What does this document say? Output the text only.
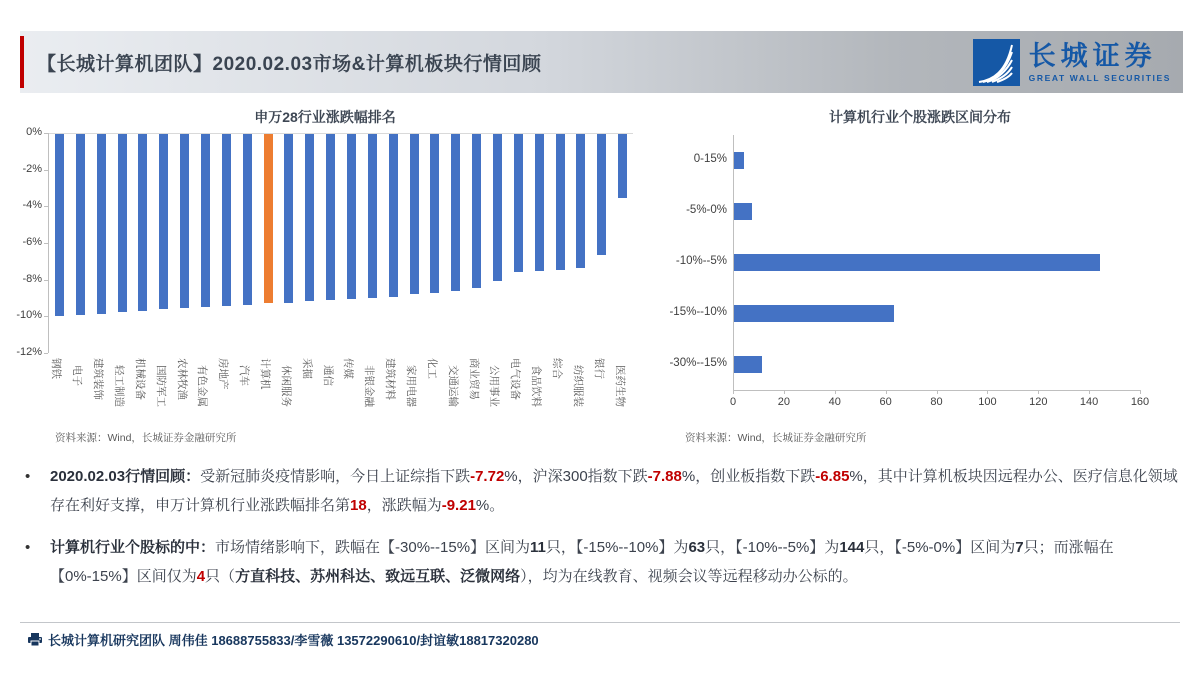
【长城计算机团队】2020.02.03市场&计算机板块行情回顾	长城证券
GREAT WALL SECURITIES
申万28行业涨跌幅排名
钢铁 电子 建筑装饰 轻工制造 机械设备 国防军工 农林牧渔 有色金属 房地产 汽车 计算机 休闲服务 采掘 通信 传媒 非银金融 建筑材料 家用电器 化工 交通运输 商业贸易 公用事业 电气设备 食品饮料 综合 纺织服装 银行 医药生物
0%
-2%
-4%
-6%
-8%
-10%
-12%
计算机行业个股涨跌区间分布
0-15%
-5%-0%
-10%--5%
-15%--10%
-30%--15%
0	20	40	60	80	100	120	140	160
资料来源：Wind，长城证券金融研究所	资料来源：Wind，长城证券金融研究所
•	2020.02.03行情回顾：受新冠肺炎疫情影响，今日上证综指下跌-7.72%，沪深300指数下跌-7.88%，创业板指数下跌-6.85%，其中计算机板块因远程办公、医疗信息化领域存在利好支撑，申万计算机行业涨跌幅排名第18，涨跌幅为-9.21%。
•	计算机行业个股标的中：市场情绪影响下，跌幅在【-30%--15%】区间为11只，【-15%--10%】为63只，【-10%--5%】为144只，【-5%-0%】区间为7只；而涨幅在【0%-15%】区间仅为4只（方直科技、苏州科达、致远互联、泛微网络），均为在线教育、视频会议等远程移动办公标的。
长城计算机研究团队 周伟佳 18688755833/李雪薇 13572290610/封谊敏18817320280
